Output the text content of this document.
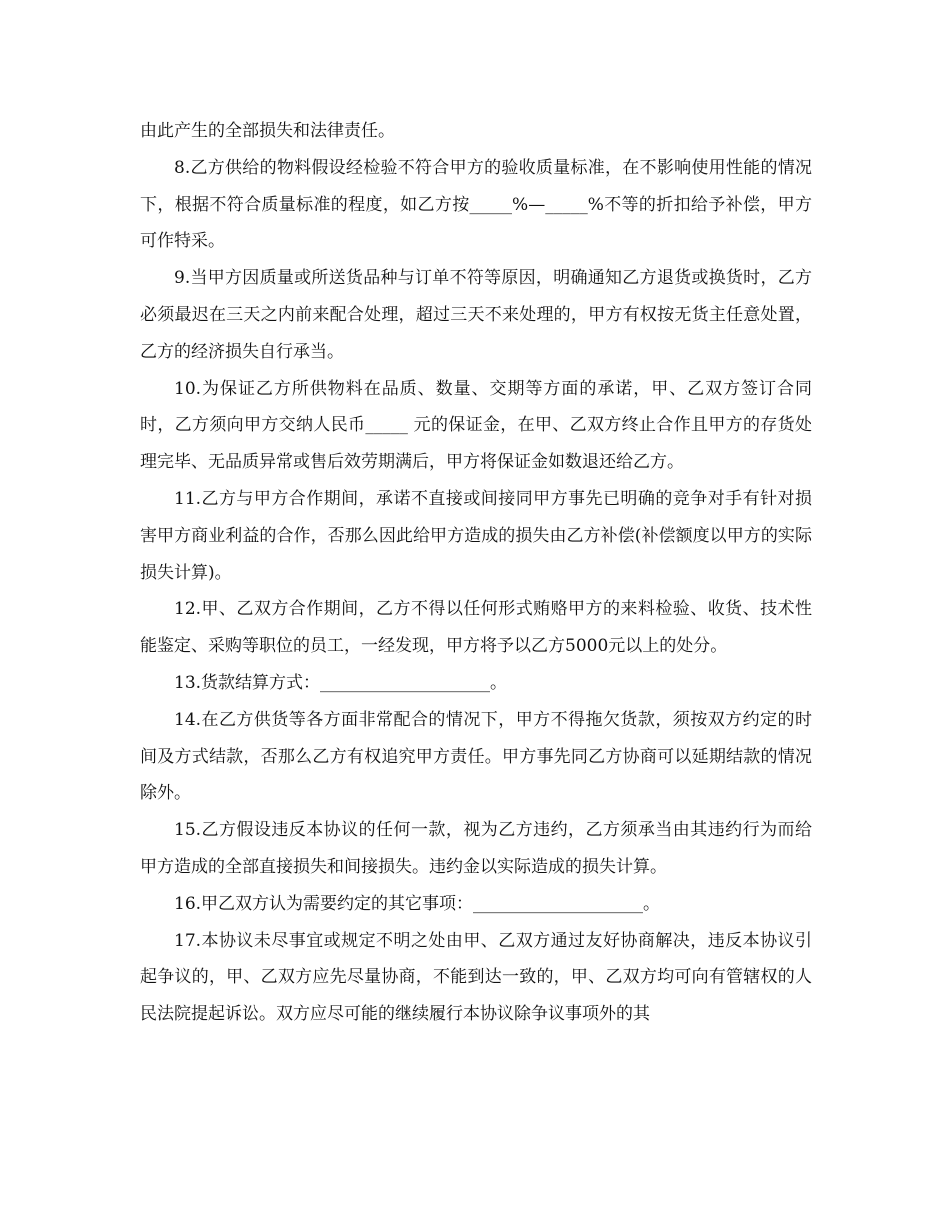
由此产生的全部损失和法律责任。

8.乙方供给的物料假设经检验不符合甲方的验收质量标准，在不影响使用性能的情况下，根据不符合质量标准的程度，如乙方按_____%—_____%不等的折扣给予补偿，甲方可作特采。

9.当甲方因质量或所送货品种与订单不符等原因，明确通知乙方退货或换货时，乙方必须最迟在三天之内前来配合处理，超过三天不来处理的，甲方有权按无货主任意处置，乙方的经济损失自行承当。

10.为保证乙方所供物料在品质、数量、交期等方面的承诺，甲、乙双方签订合同时，乙方须向甲方交纳人民币_____ 元的保证金，在甲、乙双方终止合作且甲方的存货处理完毕、无品质异常或售后效劳期满后，甲方将保证金如数退还给乙方。

11.乙方与甲方合作期间，承诺不直接或间接同甲方事先已明确的竞争对手有针对损害甲方商业利益的合作，否那么因此给甲方造成的损失由乙方补偿(补偿额度以甲方的实际损失计算)。

12.甲、乙双方合作期间，乙方不得以任何形式贿赂甲方的来料检验、收货、技术性能鉴定、采购等职位的员工，一经发现，甲方将予以乙方5000元以上的处分。

13.货款结算方式：____________________。

14.在乙方供货等各方面非常配合的情况下，甲方不得拖欠货款，须按双方约定的时间及方式结款，否那么乙方有权追究甲方责任。甲方事先同乙方协商可以延期结款的情况除外。

15.乙方假设违反本协议的任何一款，视为乙方违约，乙方须承当由其违约行为而给甲方造成的全部直接损失和间接损失。违约金以实际造成的损失计算。

16.甲乙双方认为需要约定的其它事项：____________________。

17.本协议未尽事宜或规定不明之处由甲、乙双方通过友好协商解决，违反本协议引起争议的，甲、乙双方应先尽量协商，不能到达一致的，甲、乙双方均可向有管辖权的人民法院提起诉讼。双方应尽可能的继续履行本协议除争议事项外的其
